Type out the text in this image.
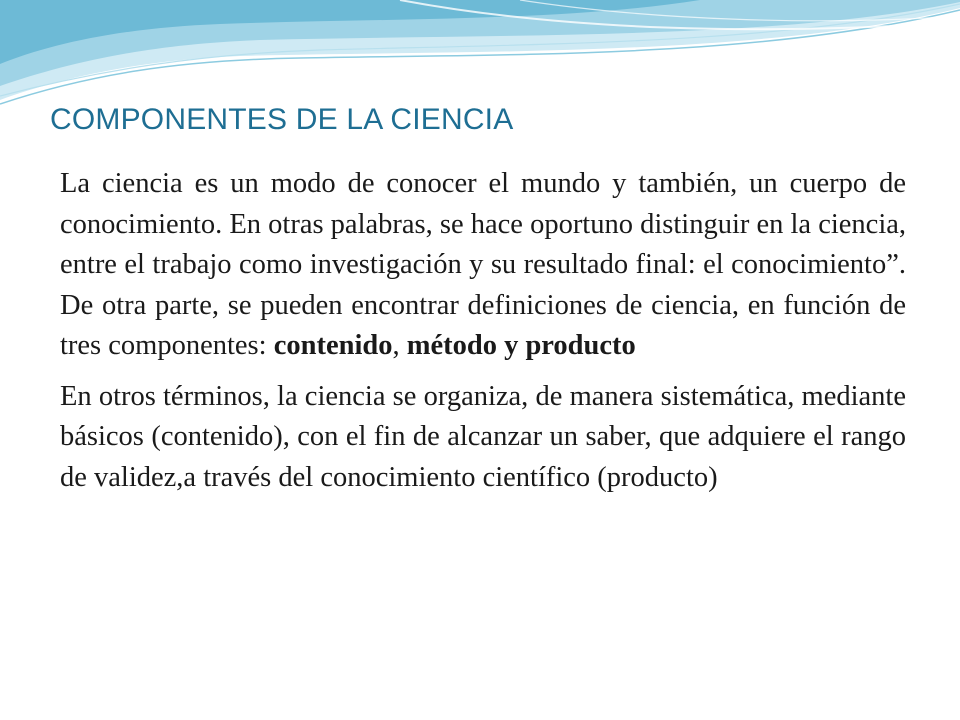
COMPONENTES DE LA CIENCIA

La ciencia es un modo de conocer el mundo y también, un cuerpo de conocimiento. En otras palabras, se hace oportuno distinguir en la ciencia, entre el trabajo como investigación y su resultado final: el conocimiento”. De otra parte, se pueden encontrar definiciones de ciencia, en función de tres componentes: contenido, método y producto

En otros términos, la ciencia se organiza, de manera sistemática, mediante básicos (contenido), con el fin de alcanzar un saber, que adquiere el rango de validez,a través del conocimiento científico (producto)
